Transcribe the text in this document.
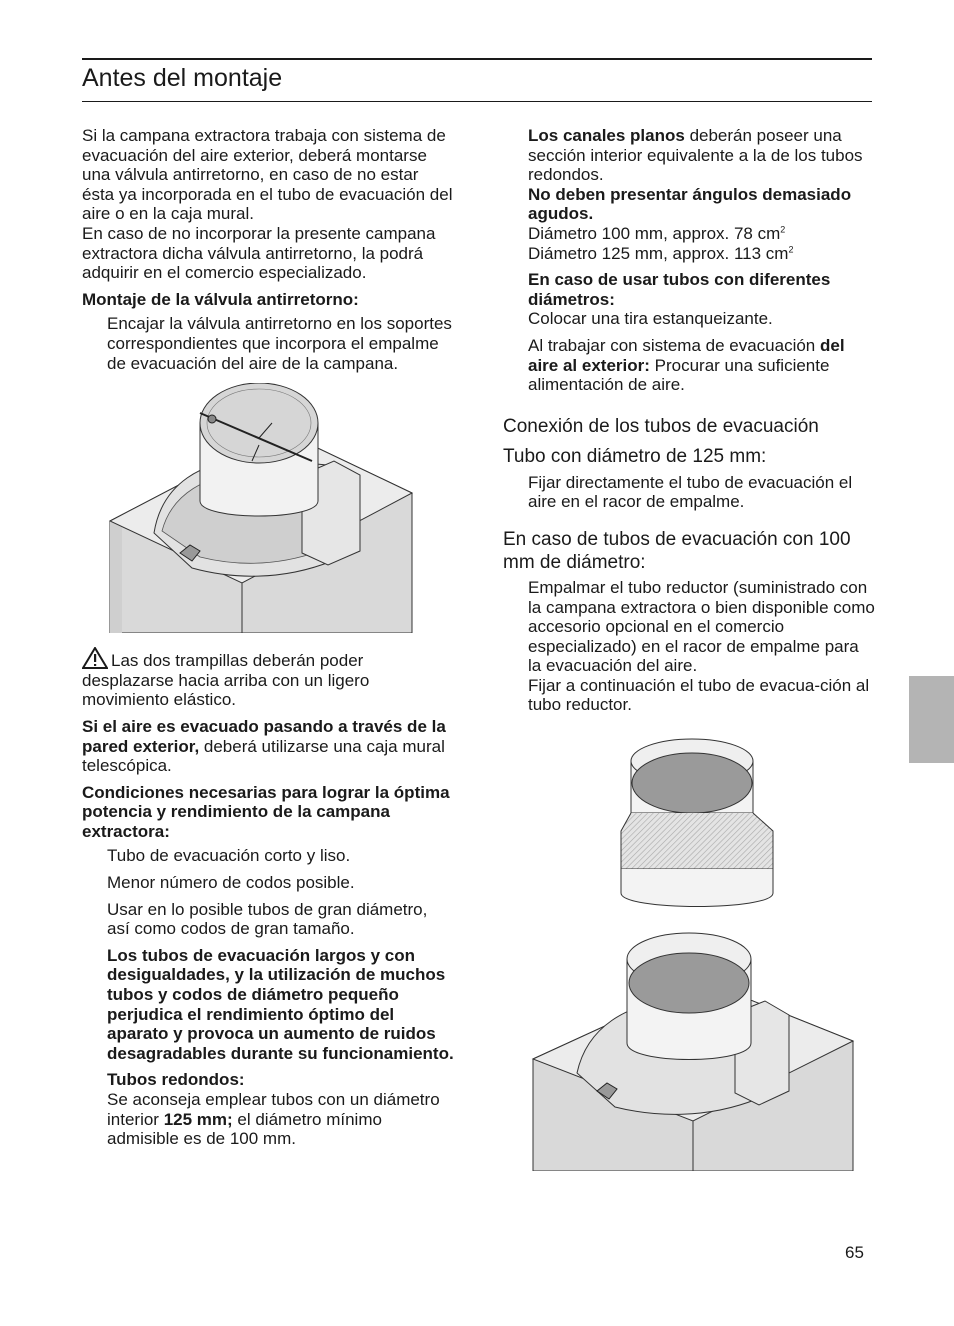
Antes del montaje

Si la campana extractora trabaja con sistema de evacuación del aire exterior, deberá montarse una válvula antirretorno, en caso de no estar ésta ya incorporada en el tubo de evacuación del aire o en la caja mural.

En caso de no incorporar la presente campana extractora dicha válvula antirretorno, la podrá adquirir en el comercio especializado.

Montaje de la válvula antirretorno:

Encajar la válvula antirretorno en los soportes correspondientes que incorpora el empalme de evacuación del aire de la campana.

Las dos trampillas deberán poder desplazarse hacia arriba con un ligero movimiento elástico.

Si el aire es evacuado pasando a través de la pared exterior, deberá utilizarse una caja mural telescópica.

Condiciones necesarias para lograr la óptima potencia y rendimiento de la campana extractora:

Tubo de evacuación corto y liso.

Menor número de codos posible.

Usar en lo posible tubos de gran diámetro, así como codos de gran tamaño.

Los tubos de evacuación largos y con desigualdades, y la utilización de muchos tubos y codos de diámetro pequeño perjudica el rendimiento óptimo del aparato y provoca un aumento de ruidos desagradables durante su funcionamiento.

Tubos redondos:

Se aconseja emplear tubos con un diámetro interior 125 mm; el diámetro mínimo admisible es de 100 mm.

Los canales planos deberán poseer una sección interior equivalente a la de los tubos redondos.

No deben presentar ángulos demasiado agudos.

Diámetro 100 mm, approx. 78 $cm^2$

Diámetro 125 mm, approx. 113 $cm^2$

En caso de usar tubos con diferentes diámetros:

Colocar una tira estanqueizante.

Al trabajar con sistema de evacuación del aire al exterior: Procurar una suficiente alimentación de aire.

Conexión de los tubos de evacuación
Tubo con diámetro de 125 mm:

Fijar directamente el tubo de evacuación el aire en el racor de empalme.

En caso de tubos de evacuación con 100 mm de diámetro:

Empalmar el tubo reductor (suministrado con la campana extractora o bien disponible como accesorio opcional en el comercio especializado) en el racor de empalme para la evacuación del aire.

Fijar a continuación el tubo de evacua-ción al tubo reductor.

65
